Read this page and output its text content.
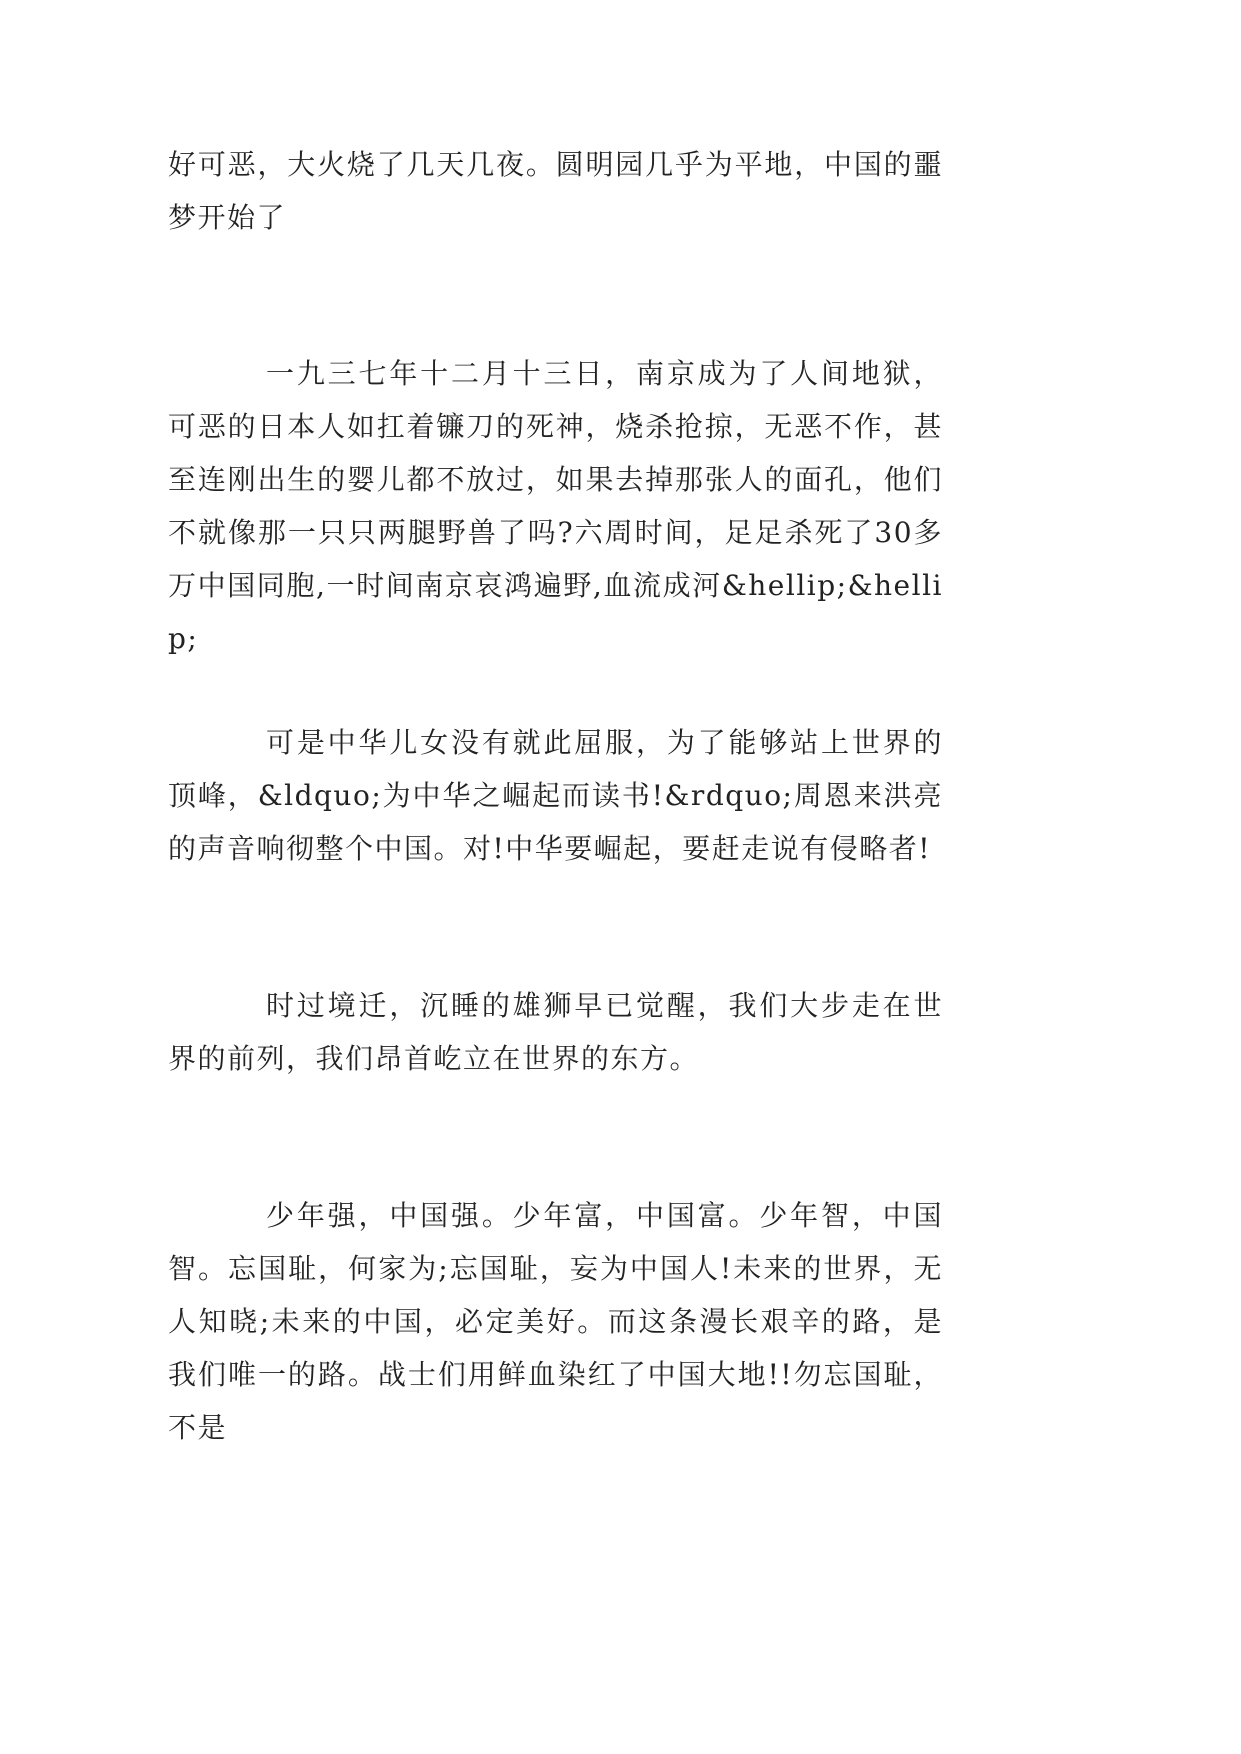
好可恶，大火烧了几天几夜。圆明园几乎为平地，中国的噩梦开始了

一九三七年十二月十三日，南京成为了人间地狱，可恶的日本人如扛着镰刀的死神，烧杀抢掠，无恶不作，甚至连刚出生的婴儿都不放过，如果去掉那张人的面孔，他们不就像那一只只两腿野兽了吗?六周时间，足足杀死了30多万中国同胞,一时间南京哀鸿遍野,血流成河&hellip;&hellip;

可是中华儿女没有就此屈服，为了能够站上世界的顶峰，&ldquo;为中华之崛起而读书!&rdquo;周恩来洪亮的声音响彻整个中国。对!中华要崛起，要赶走说有侵略者!

时过境迁，沉睡的雄狮早已觉醒，我们大步走在世界的前列，我们昂首屹立在世界的东方。

少年强，中国强。少年富，中国富。少年智，中国智。忘国耻，何家为;忘国耻，妄为中国人!未来的世界，无人知晓;未来的中国，必定美好。而这条漫长艰辛的路，是我们唯一的路。战士们用鲜血染红了中国大地!!勿忘国耻，不是
